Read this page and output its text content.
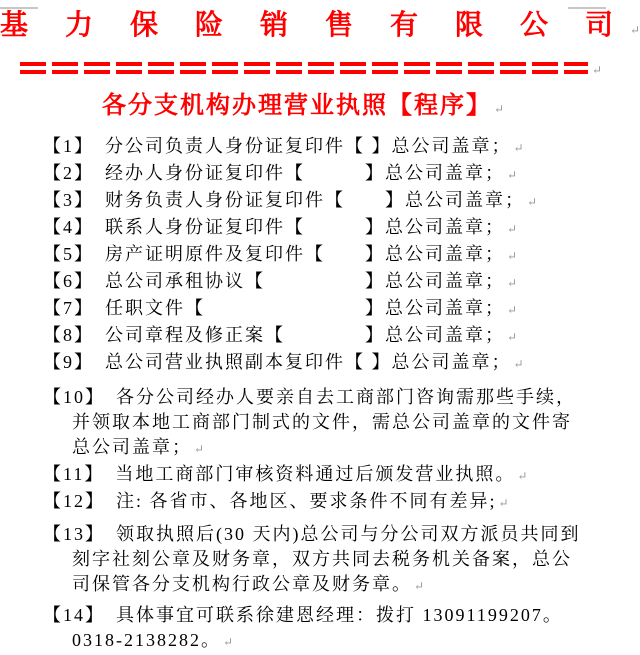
基 力 保 险 销 售 有 限 公 司 ↵
↵
各分支机构办理营业执照【程序】 ↵
【1】 分公司负责人身份证复印件【 】总公司盖章； ↵
【2】 经办人身份证复印件【　　　】总公司盖章； ↵
【3】 财务负责人身份证复印件【　　】总公司盖章； ↵
【4】 联系人身份证复印件【　　　】总公司盖章； ↵
【5】 房产证明原件及复印件【　　】总公司盖章； ↵
【6】 总公司承租协议【　　　　　】总公司盖章； ↵
【7】 任职文件【　　　　　　　　】总公司盖章； ↵
【8】 公司章程及修正案【　　　　】总公司盖章； ↵
【9】 总公司营业执照副本复印件【 】总公司盖章； ↵
【10】 各分公司经办人要亲自去工商部门咨询需那些手续，
并领取本地工商部门制式的文件，需总公司盖章的文件寄
总公司盖章； ↵
【11】 当地工商部门审核资料通过后颁发营业执照。 ↵
【12】 注: 各省市、各地区、要求条件不同有差异; ↵
【13】 领取执照后(30 天内)总公司与分公司双方派员共同到
刻字社刻公章及财务章，双方共同去税务机关备案，总公
司保管各分支机构行政公章及财务章。 ↵
【14】 具体事宜可联系徐建恩经理：拨打 13091199207。
0318-2138282。 ↵
